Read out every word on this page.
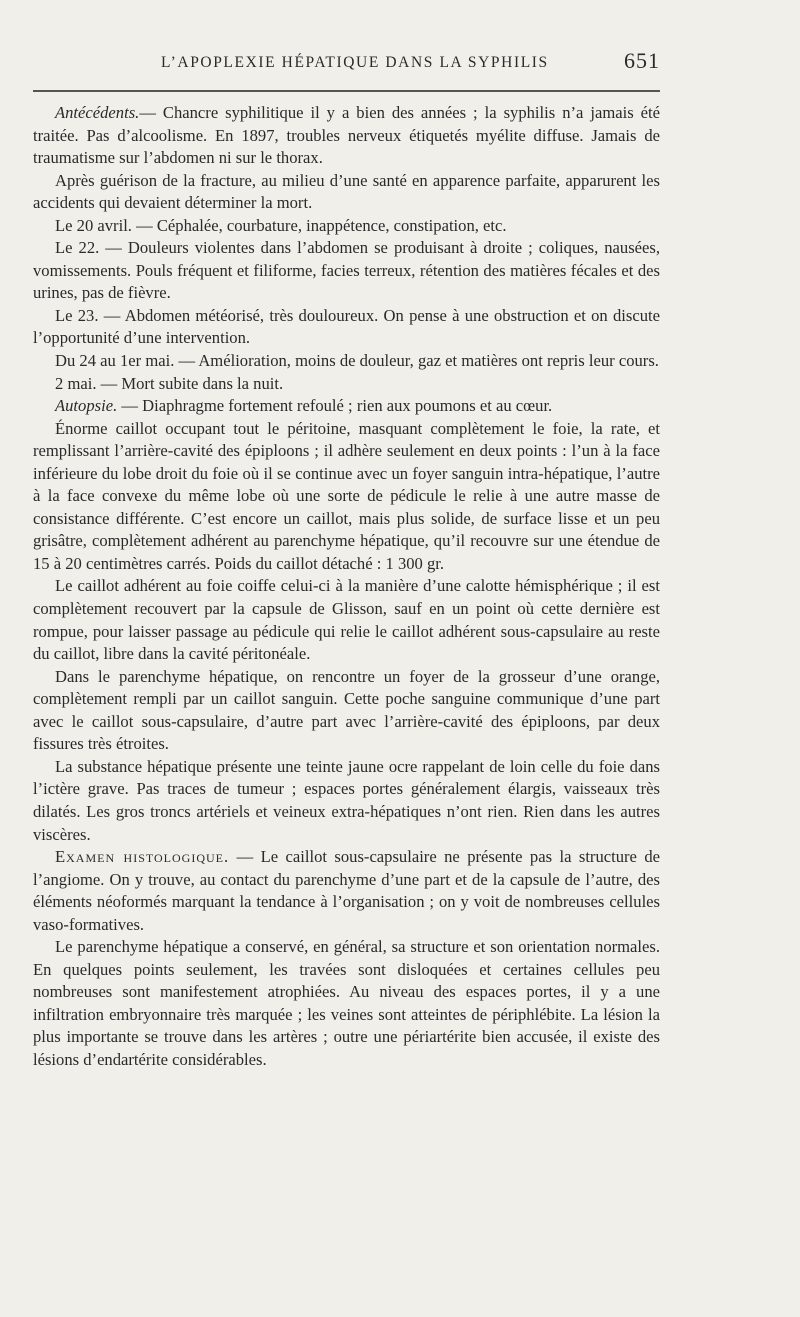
L’APOPLEXIE HÉPATIQUE DANS LA SYPHILIS	651

Antécédents.— Chancre syphilitique il y a bien des années ; la syphilis n’a jamais été traitée. Pas d’alcoolisme. En 1897, troubles nerveux étiquetés myélite diffuse. Jamais de traumatisme sur l’abdomen ni sur le thorax.

Après guérison de la fracture, au milieu d’une santé en apparence parfaite, apparurent les accidents qui devaient déterminer la mort.

Le 20 avril. — Céphalée, courbature, inappétence, constipation, etc.

Le 22. — Douleurs violentes dans l’abdomen se produisant à droite ; coliques, nausées, vomissements. Pouls fréquent et filiforme, facies terreux, rétention des matières fécales et des urines, pas de fièvre.

Le 23. — Abdomen météorisé, très douloureux. On pense à une obstruction et on discute l’opportunité d’une intervention.

Du 24 au 1er mai. — Amélioration, moins de douleur, gaz et matières ont repris leur cours.

2 mai. — Mort subite dans la nuit.

Autopsie. — Diaphragme fortement refoulé ; rien aux poumons et au cœur.

Énorme caillot occupant tout le péritoine, masquant complètement le foie, la rate, et remplissant l’arrière-cavité des épiploons ; il adhère seulement en deux points : l’un à la face inférieure du lobe droit du foie où il se continue avec un foyer sanguin intra-hépatique, l’autre à la face convexe du même lobe où une sorte de pédicule le relie à une autre masse de consistance différente. C’est encore un caillot, mais plus solide, de surface lisse et un peu grisâtre, complètement adhérent au parenchyme hépatique, qu’il recouvre sur une étendue de 15 à 20 centimètres carrés. Poids du caillot détaché : 1 300 gr.

Le caillot adhérent au foie coiffe celui-ci à la manière d’une calotte hémisphérique ; il est complètement recouvert par la capsule de Glisson, sauf en un point où cette dernière est rompue, pour laisser passage au pédicule qui relie le caillot adhérent sous-capsulaire au reste du caillot, libre dans la cavité péritonéale.

Dans le parenchyme hépatique, on rencontre un foyer de la grosseur d’une orange, complètement rempli par un caillot sanguin. Cette poche sanguine communique d’une part avec le caillot sous-capsulaire, d’autre part avec l’arrière-cavité des épiploons, par deux fissures très étroites.

La substance hépatique présente une teinte jaune ocre rappelant de loin celle du foie dans l’ictère grave. Pas traces de tumeur ; espaces portes généralement élargis, vaisseaux très dilatés. Les gros troncs artériels et veineux extra-hépatiques n’ont rien. Rien dans les autres viscères.

Examen histologique. — Le caillot sous-capsulaire ne présente pas la structure de l’angiome. On y trouve, au contact du parenchyme d’une part et de la capsule de l’autre, des éléments néoformés marquant la tendance à l’organisation ; on y voit de nombreuses cellules vaso-formatives.

Le parenchyme hépatique a conservé, en général, sa structure et son orientation normales. En quelques points seulement, les travées sont disloquées et certaines cellules peu nombreuses sont manifestement atrophiées. Au niveau des espaces portes, il y a une infiltration embryonnaire très marquée ; les veines sont atteintes de périphlébite. La lésion la plus importante se trouve dans les artères ; outre une périartérite bien accusée, il existe des lésions d’endartérite considérables.
